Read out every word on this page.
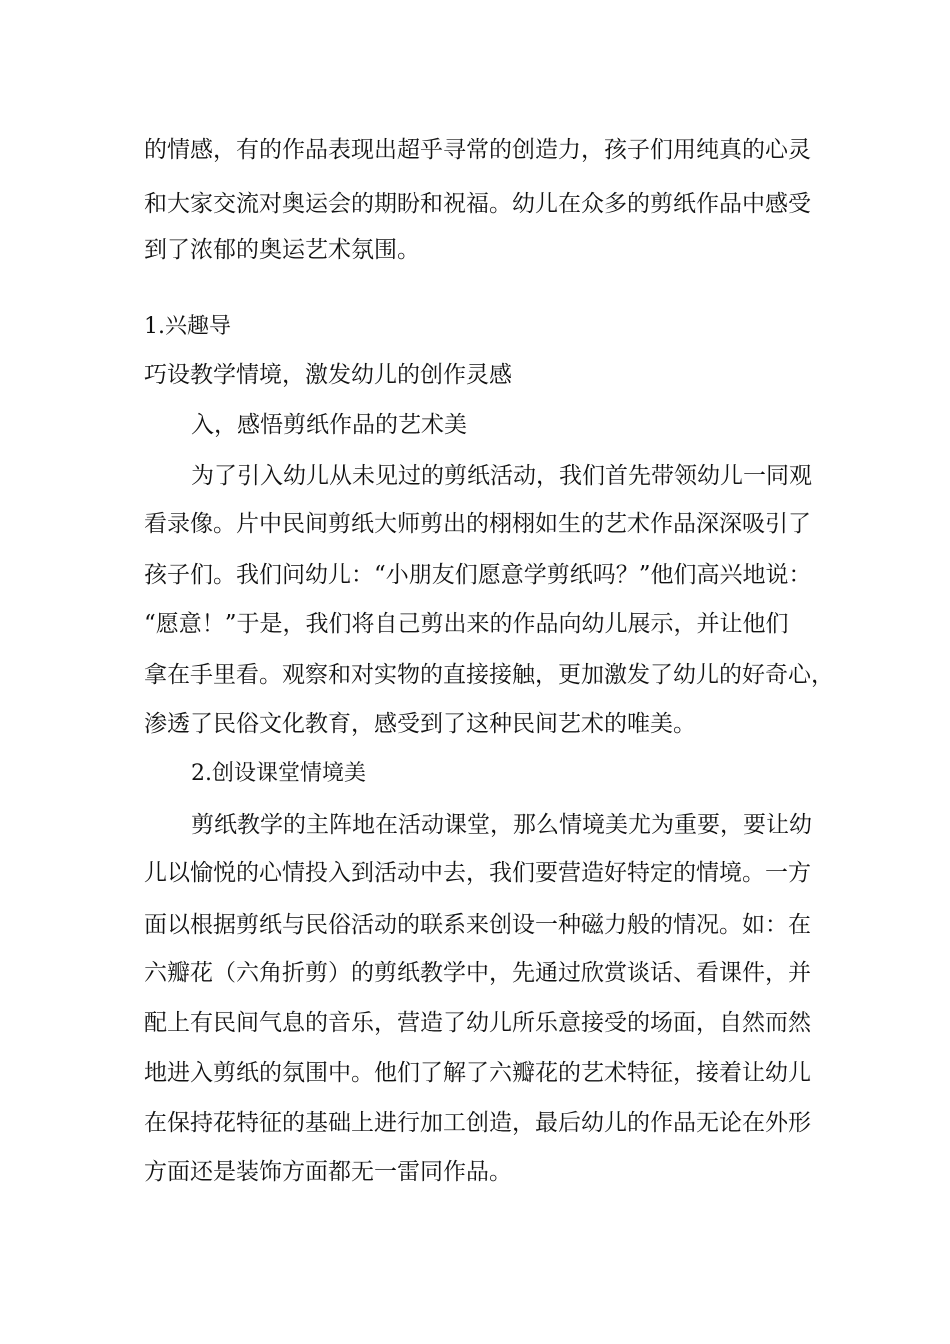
的情感，有的作品表现出超乎寻常的创造力，孩子们用纯真的心灵
和大家交流对奥运会的期盼和祝福。幼儿在众多的剪纸作品中感受
到了浓郁的奥运艺术氛围。
1.兴趣导
巧设教学情境，激发幼儿的创作灵感
入，感悟剪纸作品的艺术美
为了引入幼儿从未见过的剪纸活动，我们首先带领幼儿一同观
看录像。片中民间剪纸大师剪出的栩栩如生的艺术作品深深吸引了
孩子们。我们问幼儿：“小朋友们愿意学剪纸吗？”他们高兴地说：
“愿意！”于是，我们将自己剪出来的作品向幼儿展示，并让他们
拿在手里看。观察和对实物的直接接触，更加激发了幼儿的好奇心，
渗透了民俗文化教育，感受到了这种民间艺术的唯美。
2.创设课堂情境美
剪纸教学的主阵地在活动课堂，那么情境美尤为重要，要让幼
儿以愉悦的心情投入到活动中去，我们要营造好特定的情境。一方
面以根据剪纸与民俗活动的联系来创设一种磁力般的情况。如：在
六瓣花（六角折剪）的剪纸教学中，先通过欣赏谈话、看课件，并
配上有民间气息的音乐，营造了幼儿所乐意接受的场面，自然而然
地进入剪纸的氛围中。他们了解了六瓣花的艺术特征，接着让幼儿
在保持花特征的基础上进行加工创造，最后幼儿的作品无论在外形
方面还是装饰方面都无一雷同作品。
